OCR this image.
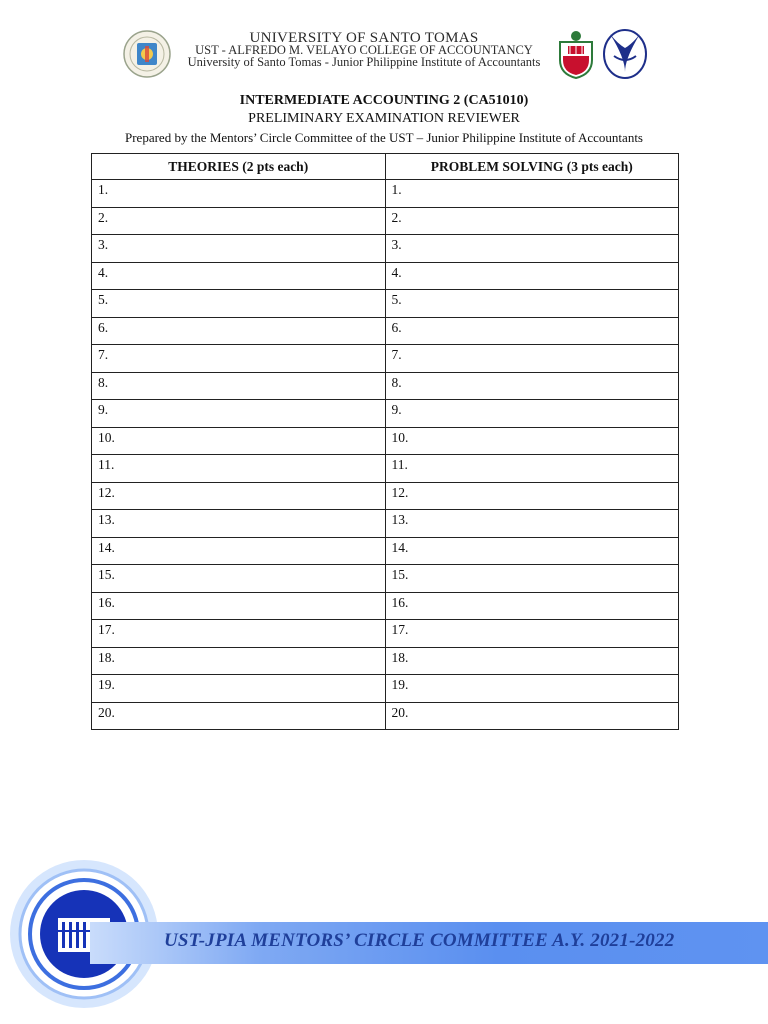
UNIVERSITY OF SANTO TOMAS
UST - ALFREDO M. VELAYO COLLEGE OF ACCOUNTANCY
University of Santo Tomas - Junior Philippine Institute of Accountants
INTERMEDIATE ACCOUNTING 2 (CA51010)
PRELIMINARY EXAMINATION REVIEWER
Prepared by the Mentors’ Circle Committee of the UST – Junior Philippine Institute of Accountants
THEORIES (2 pts each)	PROBLEM SOLVING (3 pts each)
1.	1.
2.	2.
3.	3.
4.	4.
5.	5.
6.	6.
7.	7.
8.	8.
9.	9.
10.	10.
11.	11.
12.	12.
13.	13.
14.	14.
15.	15.
16.	16.
17.	17.
18.	18.
19.	19.
20.	20.
UST-JPIA MENTORS’ CIRCLE COMMITTEE A.Y. 2021-2022
